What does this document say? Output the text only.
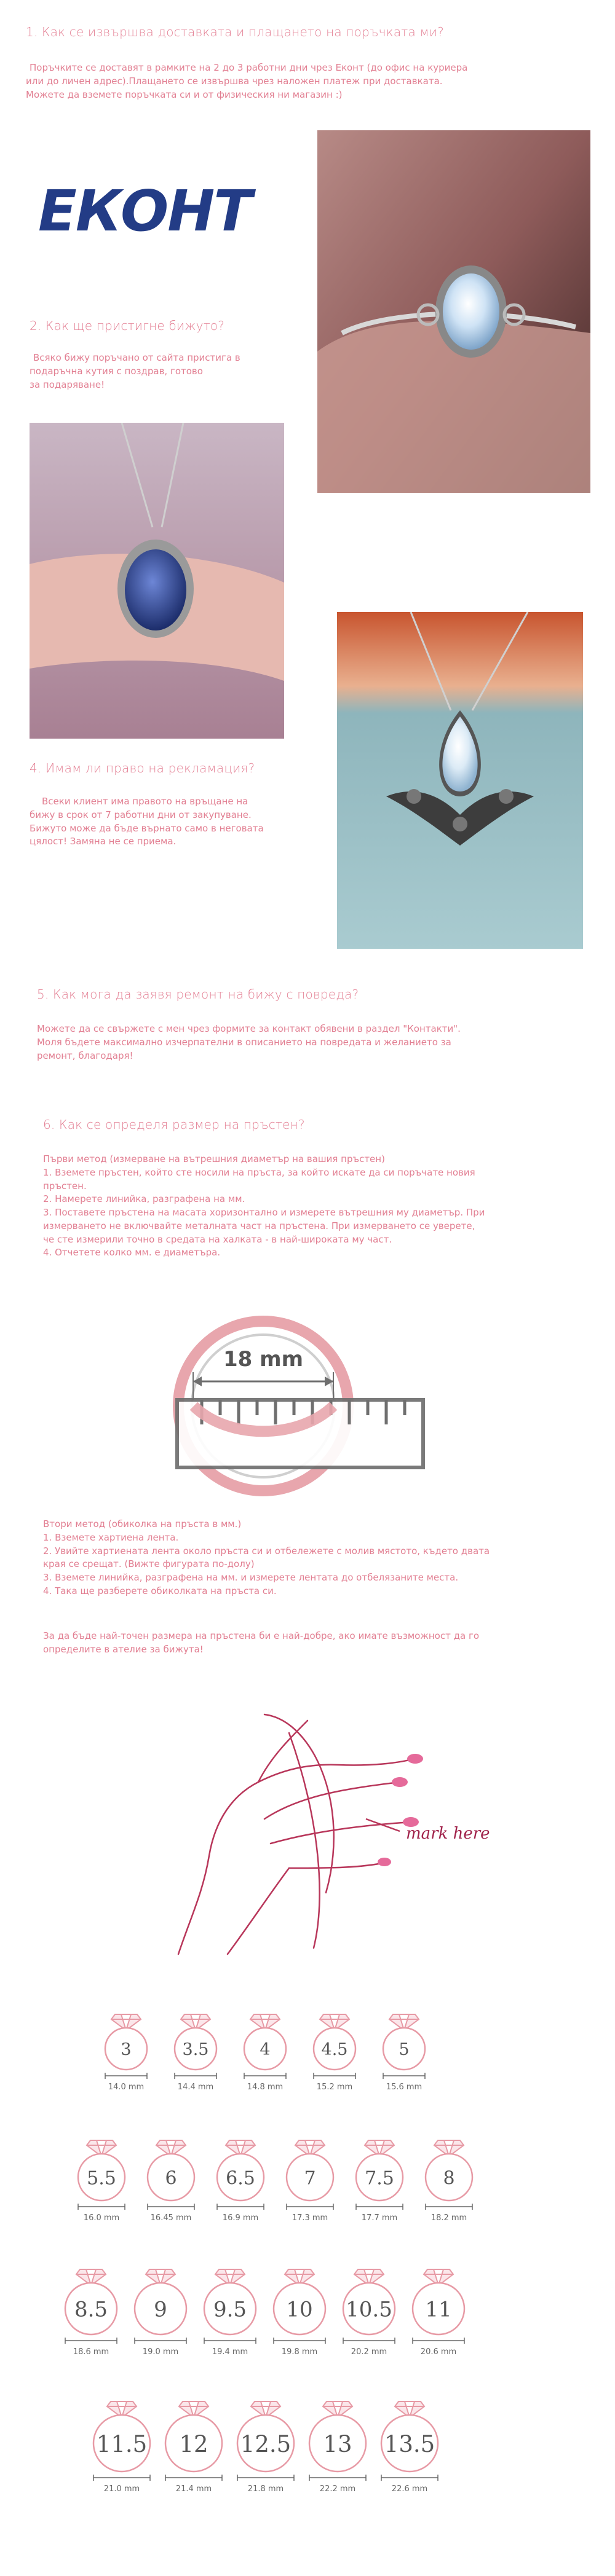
1. Как се извършва доставката и плащането на поръчката ми?
Поръчките се доставят в рамките на 2 до 3 работни дни чрез Еконт (до офис на куриера
или до личен адрес).Плащането се извършва чрез наложен платеж при доставката.
Можете да вземете поръчката си и от физическия ни магазин :)
ЕКОНТ
2. Как ще пристигне бижуто?
Всяко бижу поръчано от сайта пристига в
подаръчна кутия с поздрав, готово
за подаряване!
4. Имам ли право на рекламация?
Всеки клиент има правото на връщане на
бижу в срок от 7 работни дни от закупуване.
Бижуто може да бъде върнато само в неговата
цялост! Замяна не се приема.
5. Как мога да заявя ремонт на бижу с повреда?
Можете да се свържете с мен чрез формите за контакт обявени в раздел "Контакти".
Моля бъдете максимално изчерпателни в описанието на повредата и желанието за
ремонт, благодаря!
6. Как се определя размер на пръстен?
Първи метод (измерване на вътрешния диаметър на вашия пръстен)
1. Вземете пръстен, който сте носили на пръста, за който искате да си поръчате новия
пръстен.
2. Намерете линийка, разграфена на мм.
3. Поставете пръстена на масата хоризонтално и измерете вътрешния му диаметър. При
измерването не включвайте металната част на пръстена. При измерването се уверете,
че сте измерили точно в средата на халката - в най-широката му част.
4. Отчетете колко мм. е диаметъра.
18 mm
Втори метод (обиколка на пръста в мм.)
1. Вземете хартиена лента.
2. Увийте хартиената лента около пръста си и отбележете с молив мястото, където двата
края се срещат. (Вижте фигурата по-долу)
3. Вземете линийка, разграфена на мм. и измерете лентата до отбелязаните места.
4. Така ще разберете обиколката на пръста си.
За да бъде най-точен размера на пръстена би е най-добре, ако имате възможност да го
определите в ателие за бижута!
mark here
3
14.0 mm
3.5
14.4 mm
4
14.8 mm
4.5
15.2 mm
5
15.6 mm
5.5
16.0 mm
6
16.45 mm
6.5
16.9 mm
7
17.3 mm
7.5
17.7 mm
8
18.2 mm
8.5
18.6 mm
9
19.0 mm
9.5
19.4 mm
10
19.8 mm
10.5
20.2 mm
11
20.6 mm
11.5
21.0 mm
12
21.4 mm
12.5
21.8 mm
13
22.2 mm
13.5
22.6 mm
